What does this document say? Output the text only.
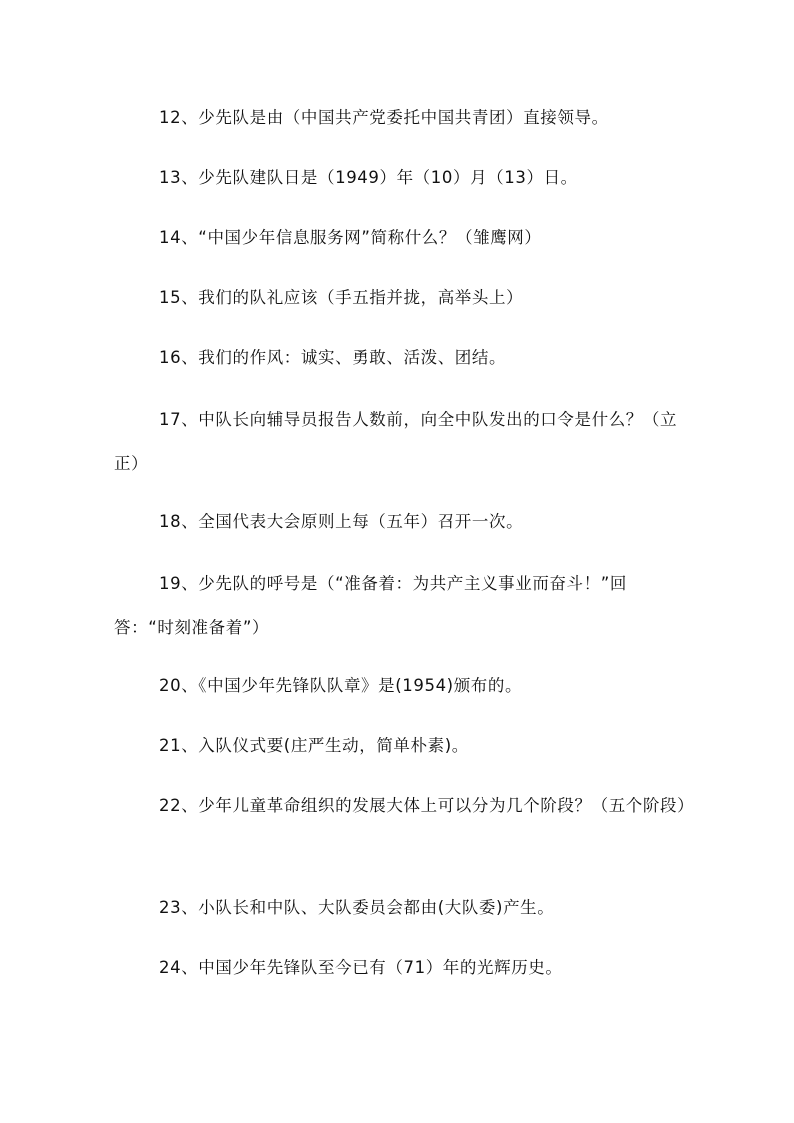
12、少先队是由（中国共产党委托中国共青团）直接领导。

13、少先队建队日是（1949）年（10）月（13）日。

14、“中国少年信息服务网”简称什么？（雏鹰网）

15、我们的队礼应该（手五指并拢，高举头上）

16、我们的作风：诚实、勇敢、活泼、团结。

17、中队长向辅导员报告人数前，向全中队发出的口令是什么？（立正）

18、全国代表大会原则上每（五年）召开一次。

19、少先队的呼号是（“准备着：为共产主义事业而奋斗！”回答：“时刻准备着”）

20、《中国少年先锋队队章》是(1954)颁布的。

21、入队仪式要(庄严生动，简单朴素)。

22、少年儿童革命组织的发展大体上可以分为几个阶段？（五个阶段）

23、小队长和中队、大队委员会都由(大队委)产生。

24、中国少年先锋队至今已有（71）年的光辉历史。
